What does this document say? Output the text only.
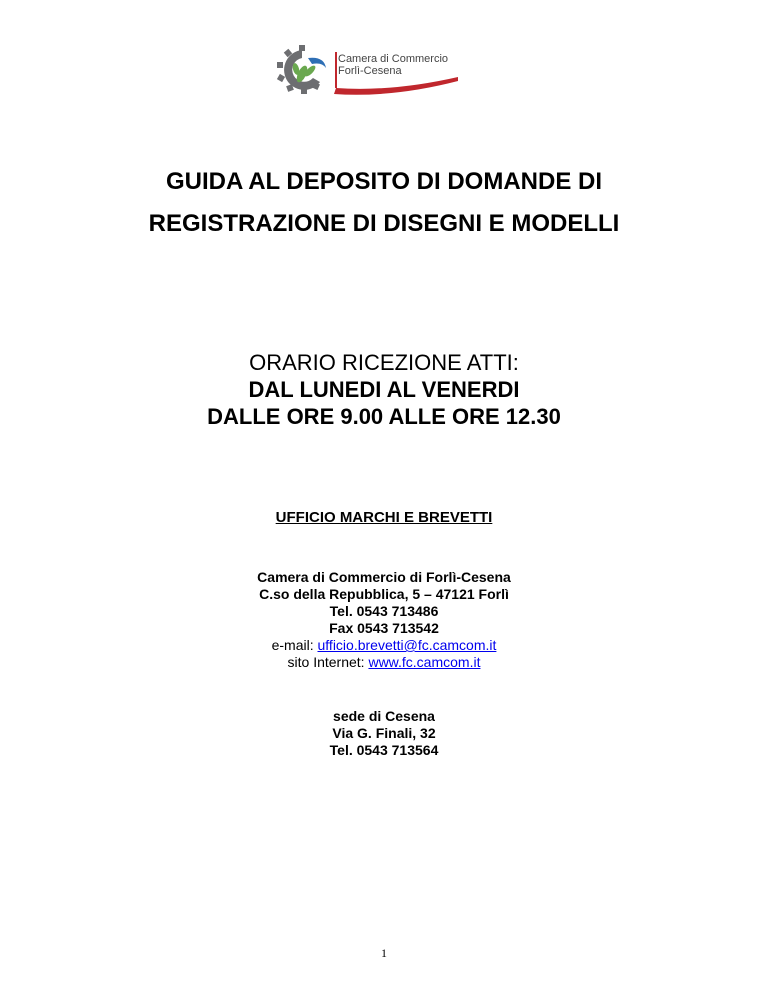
Camera di Commercio
Forlì-Cesena
GUIDA AL DEPOSITO DI DOMANDE DI
REGISTRAZIONE DI DISEGNI E MODELLI
ORARIO RICEZIONE ATTI:
DAL LUNEDI AL VENERDI
DALLE ORE 9.00 ALLE ORE 12.30
UFFICIO MARCHI E BREVETTI
Camera di Commercio di Forlì-Cesena
C.so della Repubblica, 5 – 47121 Forlì
Tel. 0543 713486
Fax 0543 713542
e-mail: ufficio.brevetti@fc.camcom.it
sito Internet: www.fc.camcom.it
sede di Cesena
Via G. Finali, 32
Tel. 0543 713564
1
